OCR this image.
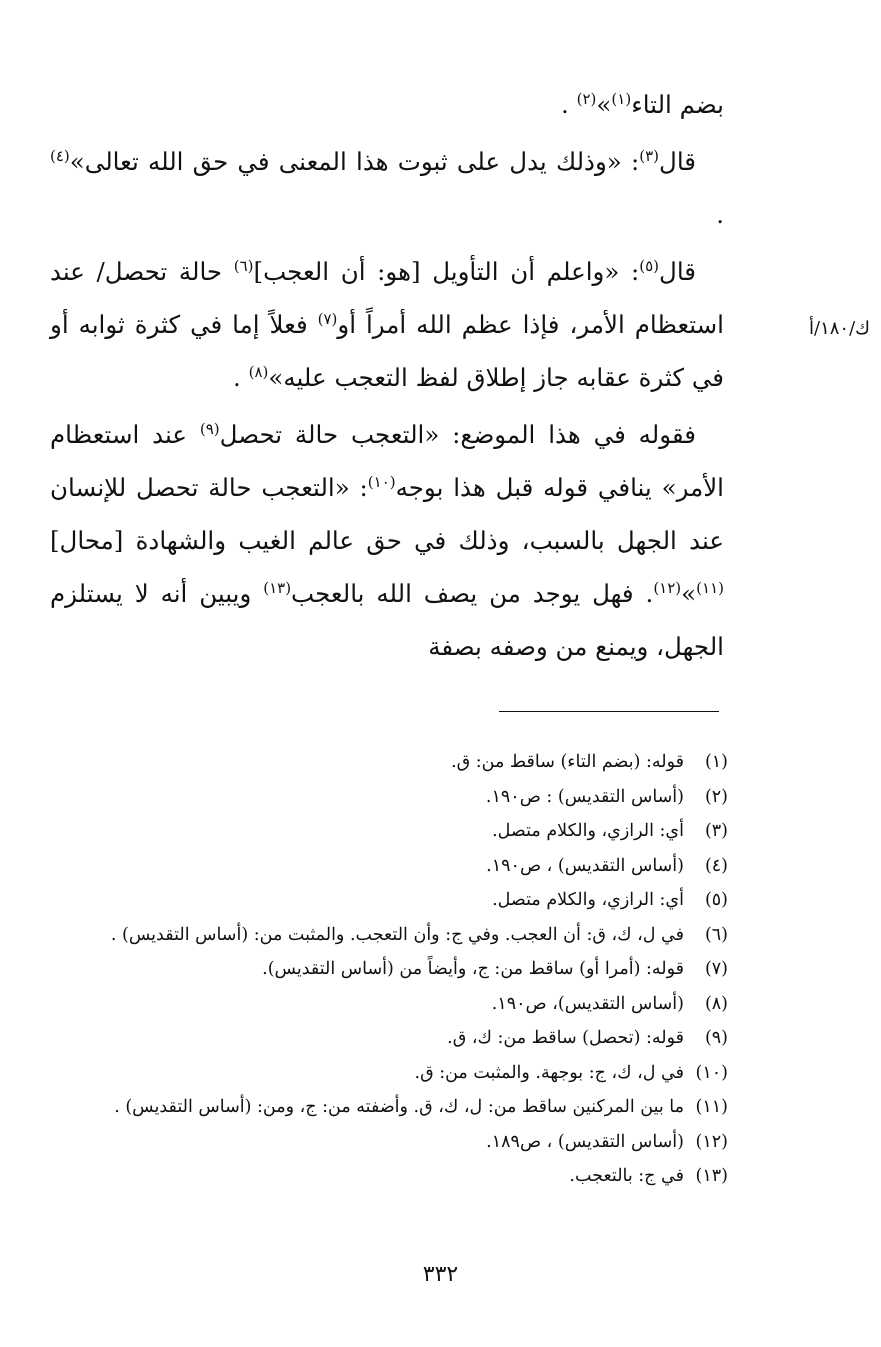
بضم التاء$^{(١)}$»$^{(٢)}$ .

قال$^{(٣)}$: «وذلك يدل على ثبوت هذا المعنى في حق الله تعالى»$^{(٤)}$ .

قال$^{(٥)}$: «واعلم أن التأويل [هو: أن العجب]$^{(٦)}$ حالة تحصل/ عند استعظام الأمر، فإذا عظم الله أمراً أو$^{(٧)}$ فعلاً إما في كثرة ثوابه أو في كثرة عقابه جاز إطلاق لفظ التعجب عليه»$^{(٨)}$ .

فقوله في هذا الموضع: «التعجب حالة تحصل$^{(٩)}$ عند استعظام الأمر» ينافي قوله قبل هذا بوجه$^{(١٠)}$: «التعجب حالة تحصل للإنسان عند الجهل بالسبب، وذلك في حق عالم الغيب والشهادة [محال]$^{(١١)}$»$^{(١٢)}$. فهل يوجد من يصف الله بالعجب$^{(١٣)}$ ويبين أنه لا يستلزم الجهل، ويمنع من وصفه بصفة

ك/١٨٠/أ
(١)قوله: (بضم التاء) ساقط من: ق.
(٢)(أساس التقديس) : ص١٩٠.
(٣)أي: الرازي، والكلام متصل.
(٤)(أساس التقديس) ، ص١٩٠.
(٥)أي: الرازي، والكلام متصل.
(٦)في ل، ك، ق: أن العجب. وفي ج: وأن التعجب. والمثبت من: (أساس التقديس) .
(٧)قوله: (أمرا أو) ساقط من: ج، وأيضاً من (أساس التقديس).
(٨)(أساس التقديس)، ص١٩٠.
(٩)قوله: (تحصل) ساقط من: ك، ق.
(١٠)في ل، ك، ج: بوجهة. والمثبت من: ق.
(١١)ما بين المركنين ساقط من: ل، ك، ق. وأضفته من: ج، ومن: (أساس التقديس) .
(١٢)(أساس التقديس) ، ص١٨٩.
(١٣)في ج: بالتعجب.
٣٣٢
